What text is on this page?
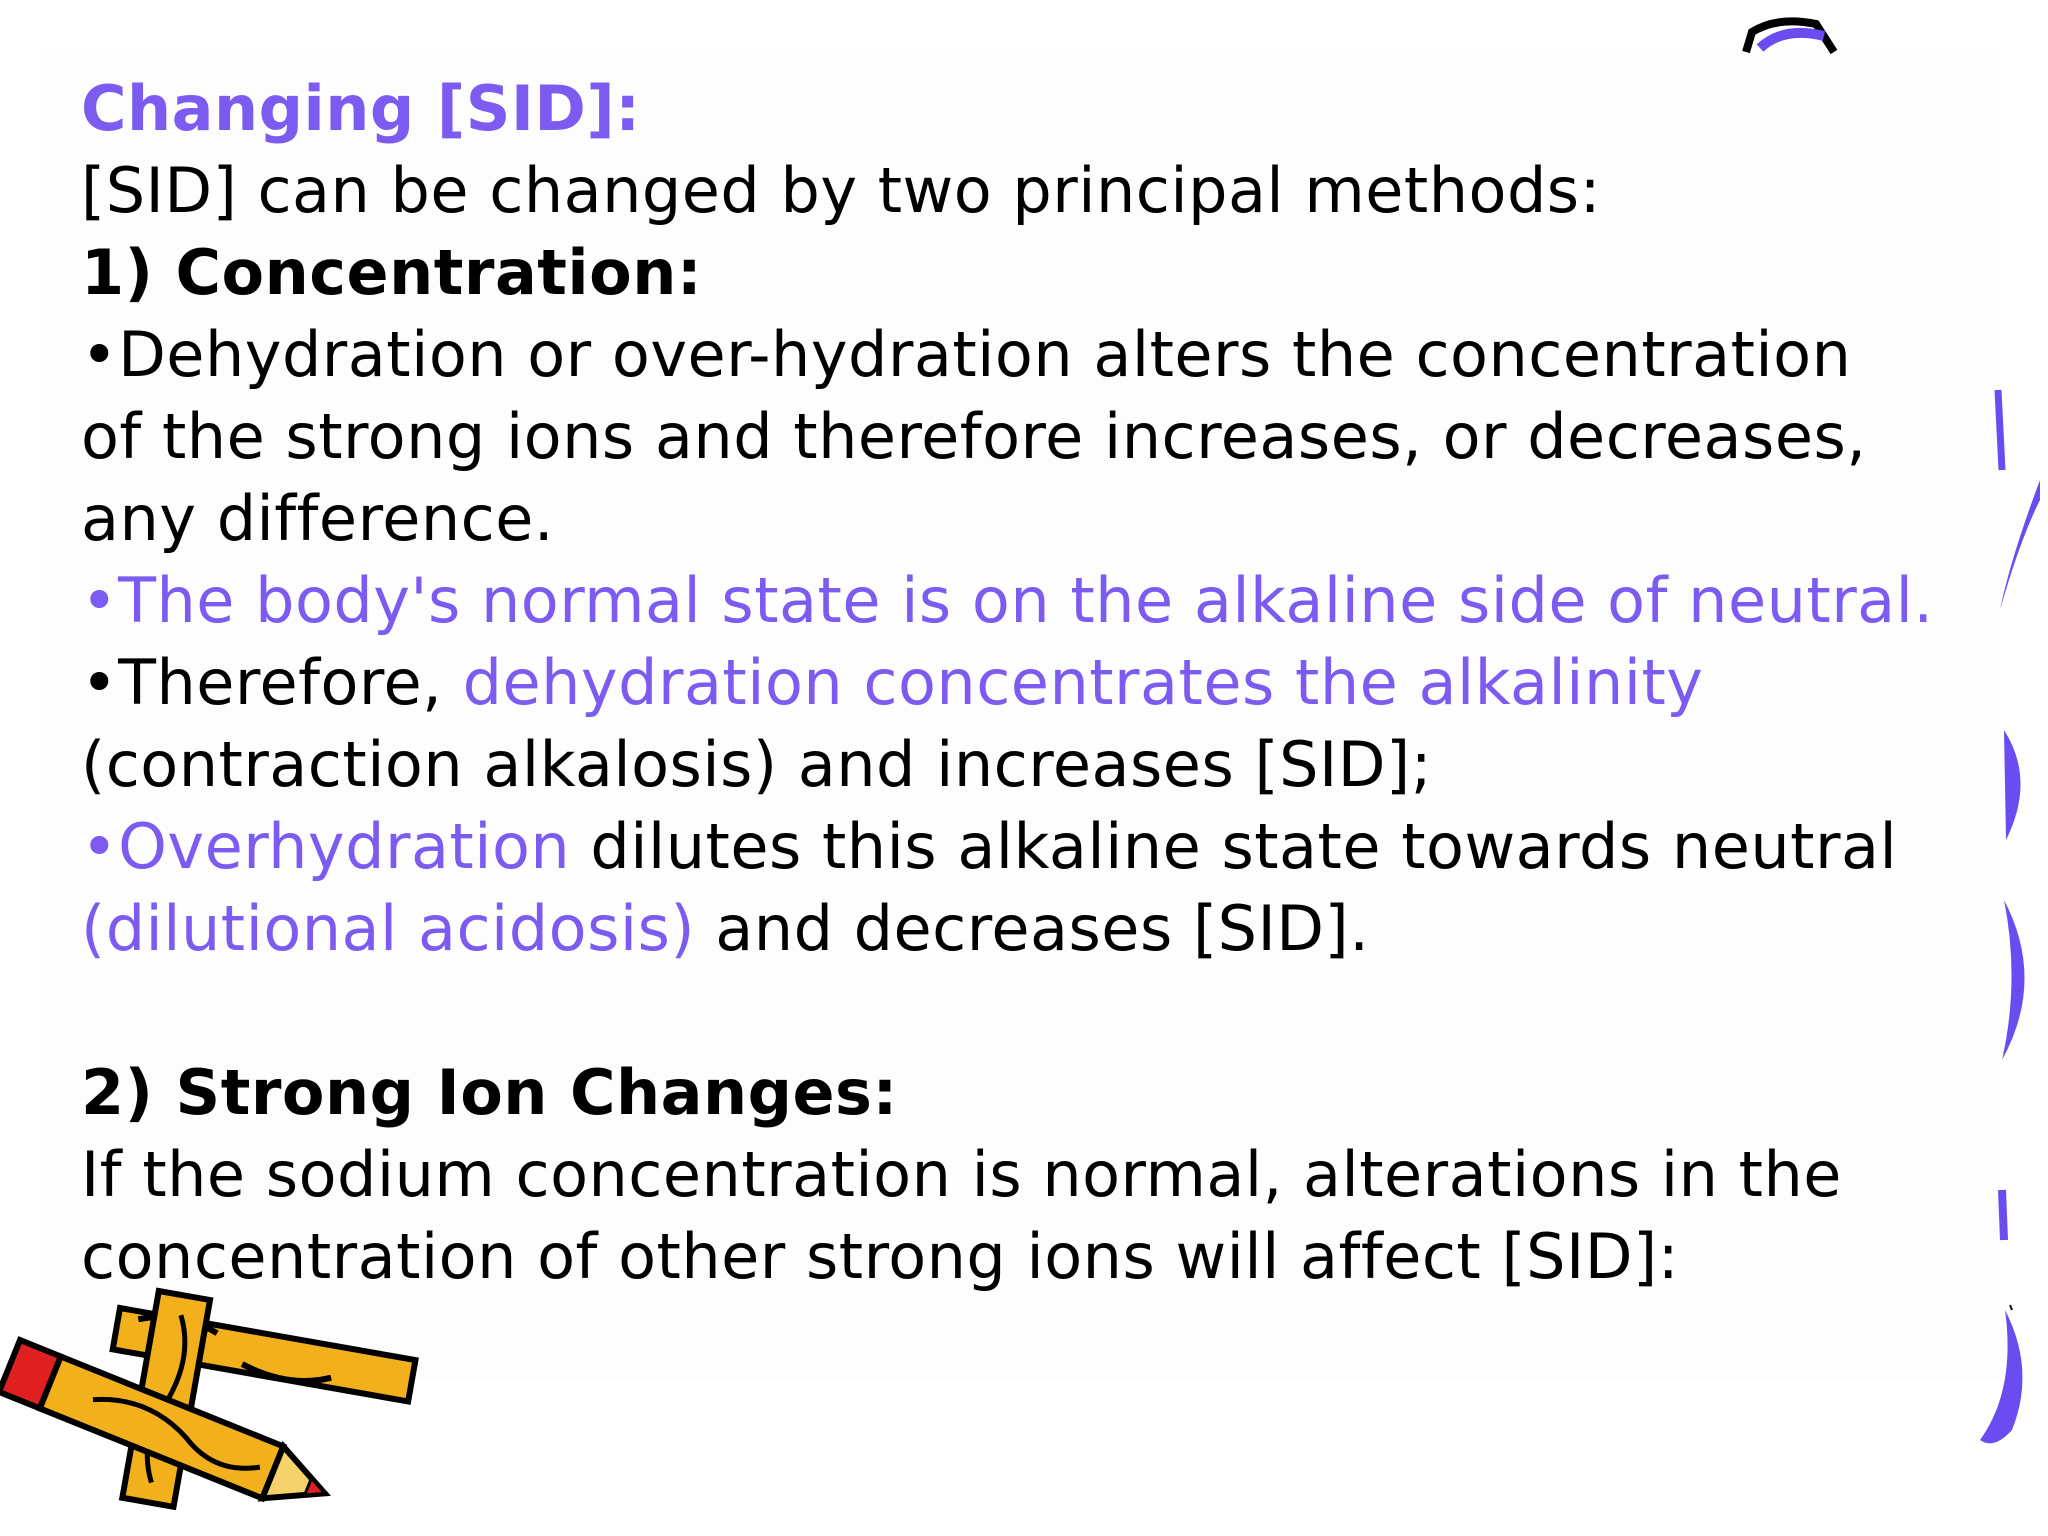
Changing [SID]:
[SID] can be changed by two principal methods:
1) Concentration:
•Dehydration or over-hydration alters the concentration
of the strong ions and therefore increases, or decreases,
any difference.
•The body's normal state is on the alkaline side of neutral.
•Therefore, dehydration concentrates the alkalinity
(contraction alkalosis) and increases [SID];
•Overhydration dilutes this alkaline state towards neutral
(dilutional acidosis) and decreases [SID].
2) Strong Ion Changes:
If the sodium concentration is normal, alterations in the
concentration of other strong ions will affect [SID]:
